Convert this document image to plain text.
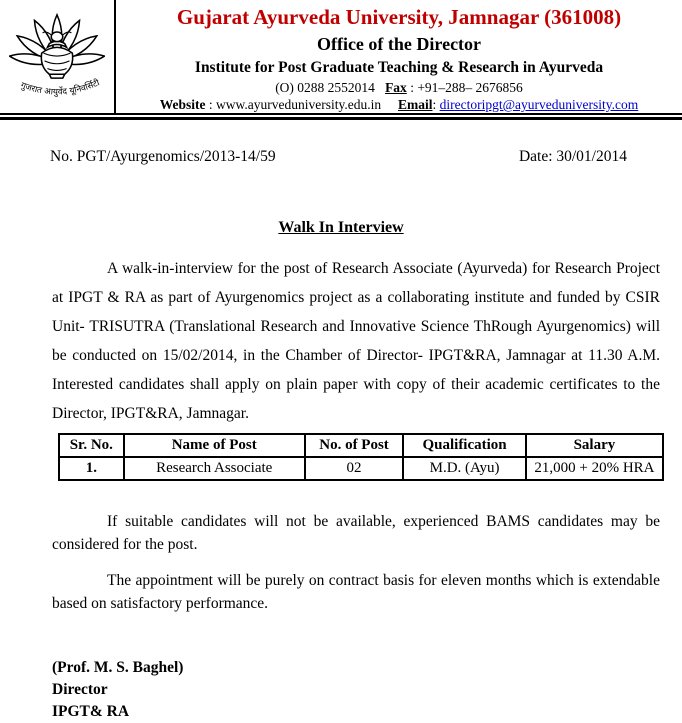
गुजरात आयुर्वेद यूनिवर्सिटी
Gujarat Ayurveda University, Jamnagar (361008)
Office of the Director
Institute for Post Graduate Teaching & Research in Ayurveda
(O) 0288 2552014 Fax : +91–288– 2676856
Website : www.ayurveduniversity.edu.in Email: directoripgt@ayurveduniversity.com
No. PGT/Ayurgenomics/2013-14/59	Date: 30/01/2014
Walk In Interview

A walk-in-interview for the post of Research Associate (Ayurveda) for Research Project at IPGT & RA as part of Ayurgenomics project as a collaborating institute and funded by CSIR Unit- TRISUTRA (Translational Research and Innovative Science ThRough Ayurgenomics) will be conducted on 15/02/2014, in the Chamber of Director- IPGT&RA, Jamnagar at 11.30 A.M. Interested candidates shall apply on plain paper with copy of their academic certificates to the Director, IPGT&RA, Jamnagar.

Sr. No.	Name of Post	No. of Post	Qualification	Salary
1.	Research Associate	02	M.D. (Ayu)	21,000 + 20% HRA

If suitable candidates will not be available, experienced BAMS candidates may be considered for the post.

The appointment will be purely on contract basis for eleven months which is extendable based on satisfactory performance.

(Prof. M. S. Baghel)
Director
IPGT& RA
